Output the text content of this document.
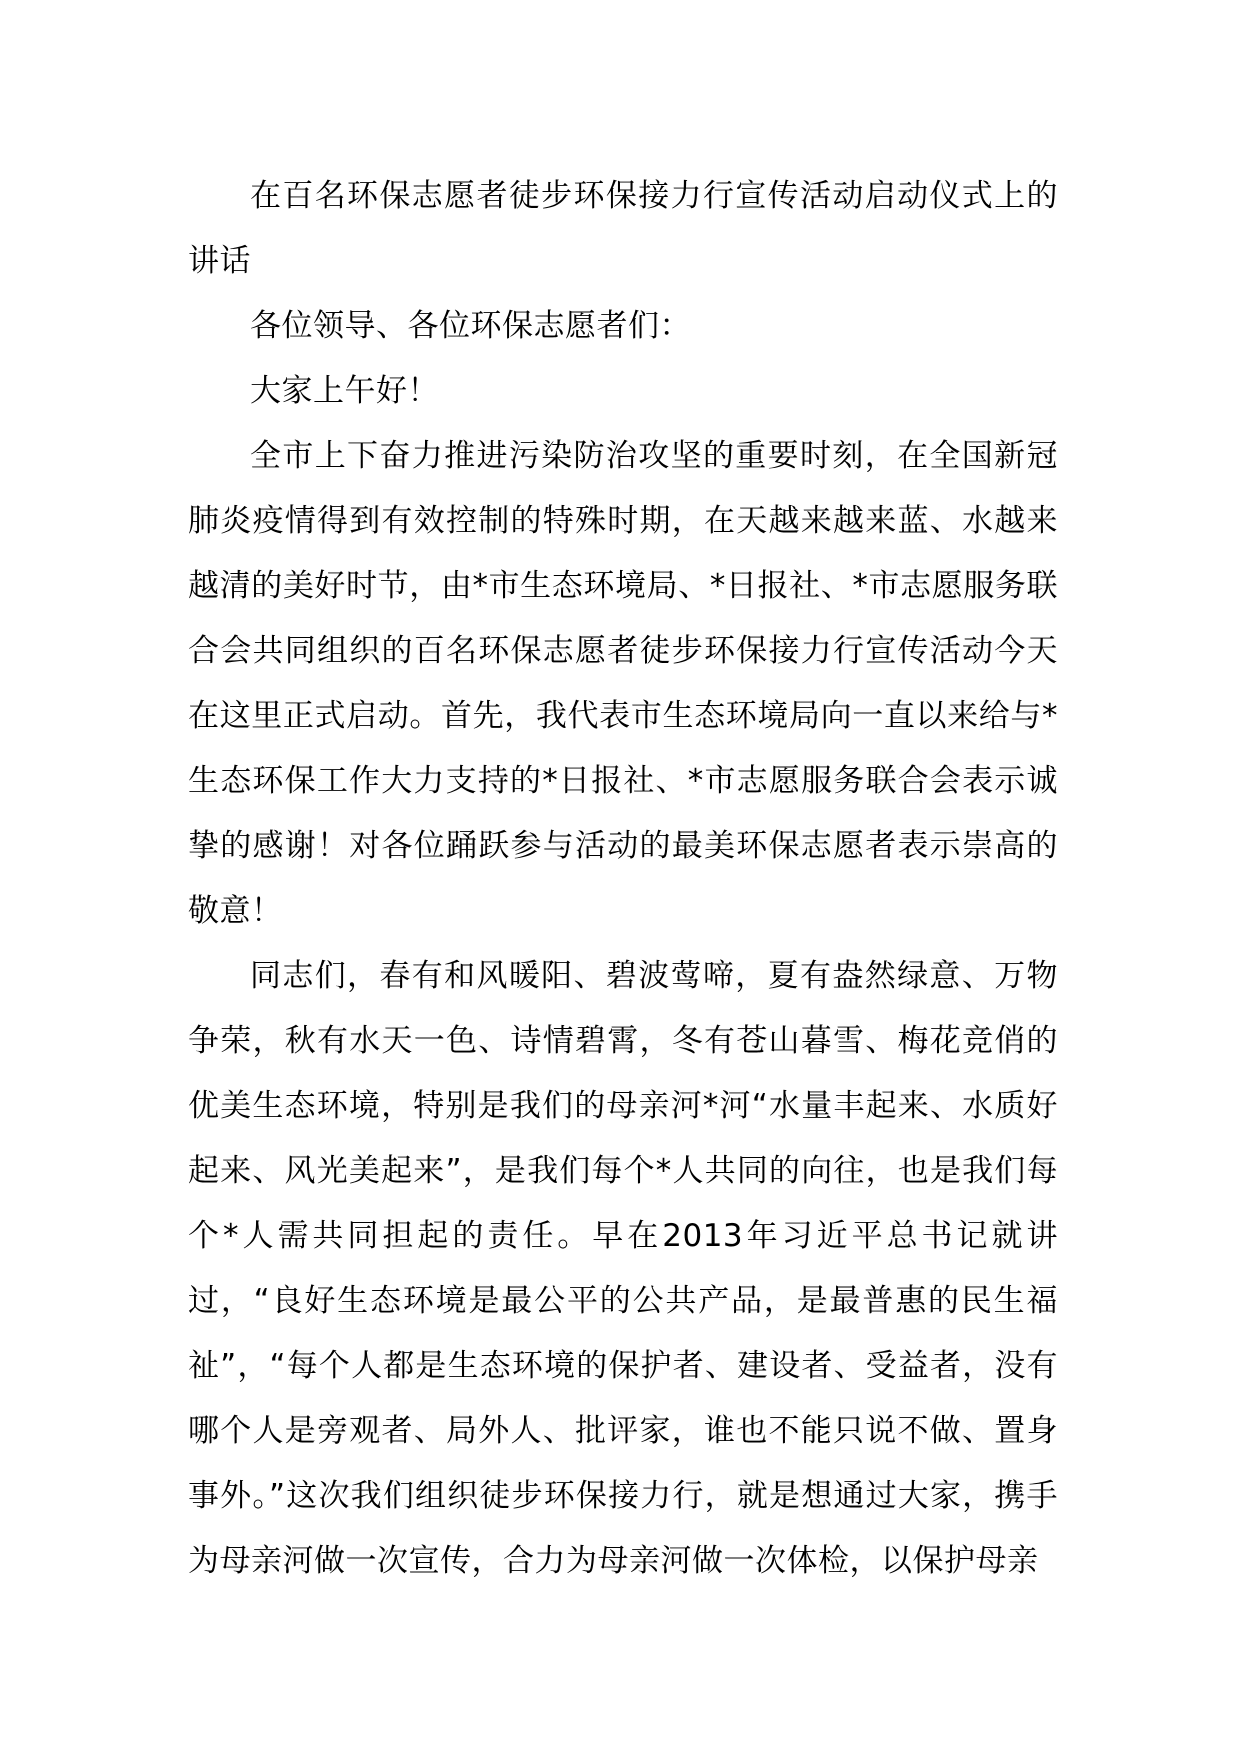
在百名环保志愿者徒步环保接力行宣传活动启动仪式上的讲话

各位领导、各位环保志愿者们：

大家上午好！

全市上下奋力推进污染防治攻坚的重要时刻，在全国新冠肺炎疫情得到有效控制的特殊时期，在天越来越来蓝、水越来越清的美好时节，由*市生态环境局、*日报社、*市志愿服务联合会共同组织的百名环保志愿者徒步环保接力行宣传活动今天在这里正式启动。首先，我代表市生态环境局向一直以来给与*生态环保工作大力支持的*日报社、*市志愿服务联合会表示诚挚的感谢！对各位踊跃参与活动的最美环保志愿者表示崇高的敬意！

同志们，春有和风暖阳、碧波莺啼，夏有盎然绿意、万物争荣，秋有水天一色、诗情碧霄，冬有苍山暮雪、梅花竞俏的优美生态环境，特别是我们的母亲河*河“水量丰起来、水质好起来、风光美起来”，是我们每个*人共同的向往，也是我们每个*人需共同担起的责任。早在2013年习近平总书记就讲过，“良好生态环境是最公平的公共产品，是最普惠的民生福祉”，“每个人都是生态环境的保护者、建设者、受益者，没有哪个人是旁观者、局外人、批评家，谁也不能只说不做、置身事外。”这次我们组织徒步环保接力行，就是想通过大家，携手为母亲河做一次宣传，合力为母亲河做一次体检，以保护母亲
